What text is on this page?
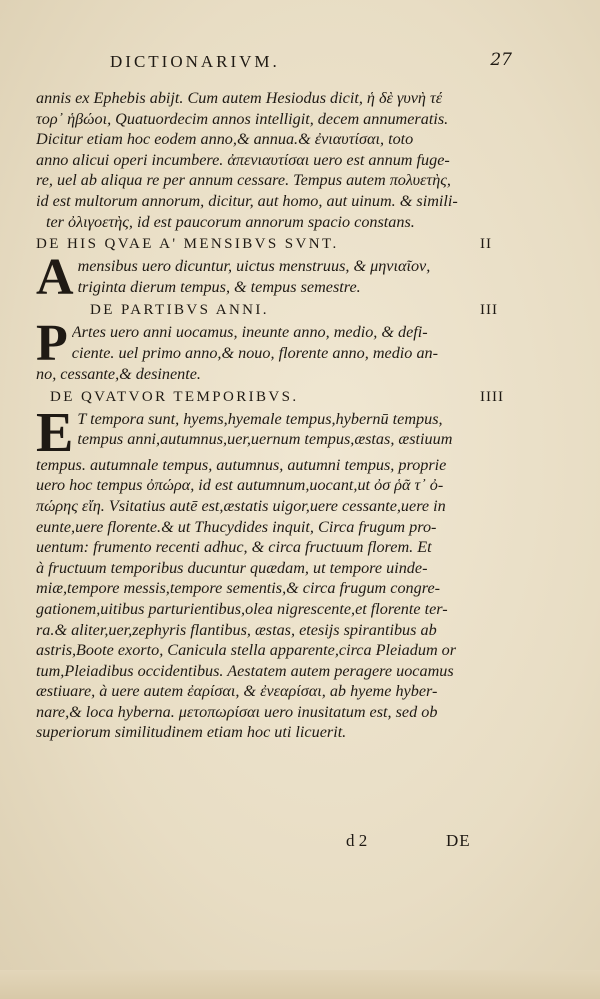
DICTIONARIVM.	27
annis ex Ephebis abijt. Cum autem Hesiodus dicit, ἡ δὲ γυνὴ τέ
τορ᾽ ἡβώοι, Quatuordecim annos intelligit, decem annumeratis.
Dicitur etiam hoc eodem anno,& annua.& ἐνιαυτίσαι, toto
anno alicui operi incumbere. ἀπενιαυτίσαι uero est annum fuge-
re, uel ab aliqua re per annum cessare. Tempus autem πολυετὴς,
id est multorum annorum, dicitur, aut homo, aut uinum. & simili-
ter ὀλιγοετὴς, id est paucorum annorum spacio constans.
DE HIS QVAE A' MENSIBVS SVNT.	II
A mensibus uero dicuntur, uictus menstruus, & μηνιαῖον,
triginta dierum tempus, & tempus semestre.
DE PARTIBVS ANNI.	III
P Artes uero anni uocamus, ineunte anno, medio, & defi-
ciente. uel primo anno,& nouo, florente anno, medio an-
no, cessante,& desinente.
DE QVATVOR TEMPORIBVS.	IIII
E T tempora sunt, hyems,hyemale tempus,hybernū tempus,
tempus anni,autumnus,uer,uernum tempus,æstas, æstiuum
tempus. autumnale tempus, autumnus, autumni tempus, proprie
uero hoc tempus ὀπώρα, id est autumnum,uocant,ut ὀσ ῥᾶ τ᾽ ὀ-
πώρης εἴη. Vsitatius autē est,æstatis uigor,uere cessante,uere in
eunte,uere florente.& ut Thucydides inquit, Circa frugum pro-
uentum: frumento recenti adhuc, & circa fructuum florem. Et
à fructuum temporibus ducuntur quædam, ut tempore uinde-
miæ,tempore messis,tempore sementis,& circa frugum congre-
gationem,uitibus parturientibus,olea nigrescente,et florente ter-
ra.& aliter,uer,zephyris flantibus, æstas, etesijs spirantibus ab
astris,Boote exorto, Canicula stella apparente,circa Pleiadum or
tum,Pleiadibus occidentibus. Aestatem autem peragere uocamus
æstiuare, à uere autem ἐαρίσαι, & ἐνεαρίσαι, ab hyeme hyber-
nare,& loca hyberna. μετοπωρίσαι uero inusitatum est, sed ob
superiorum similitudinem etiam hoc uti licuerit.
d 2	DE
